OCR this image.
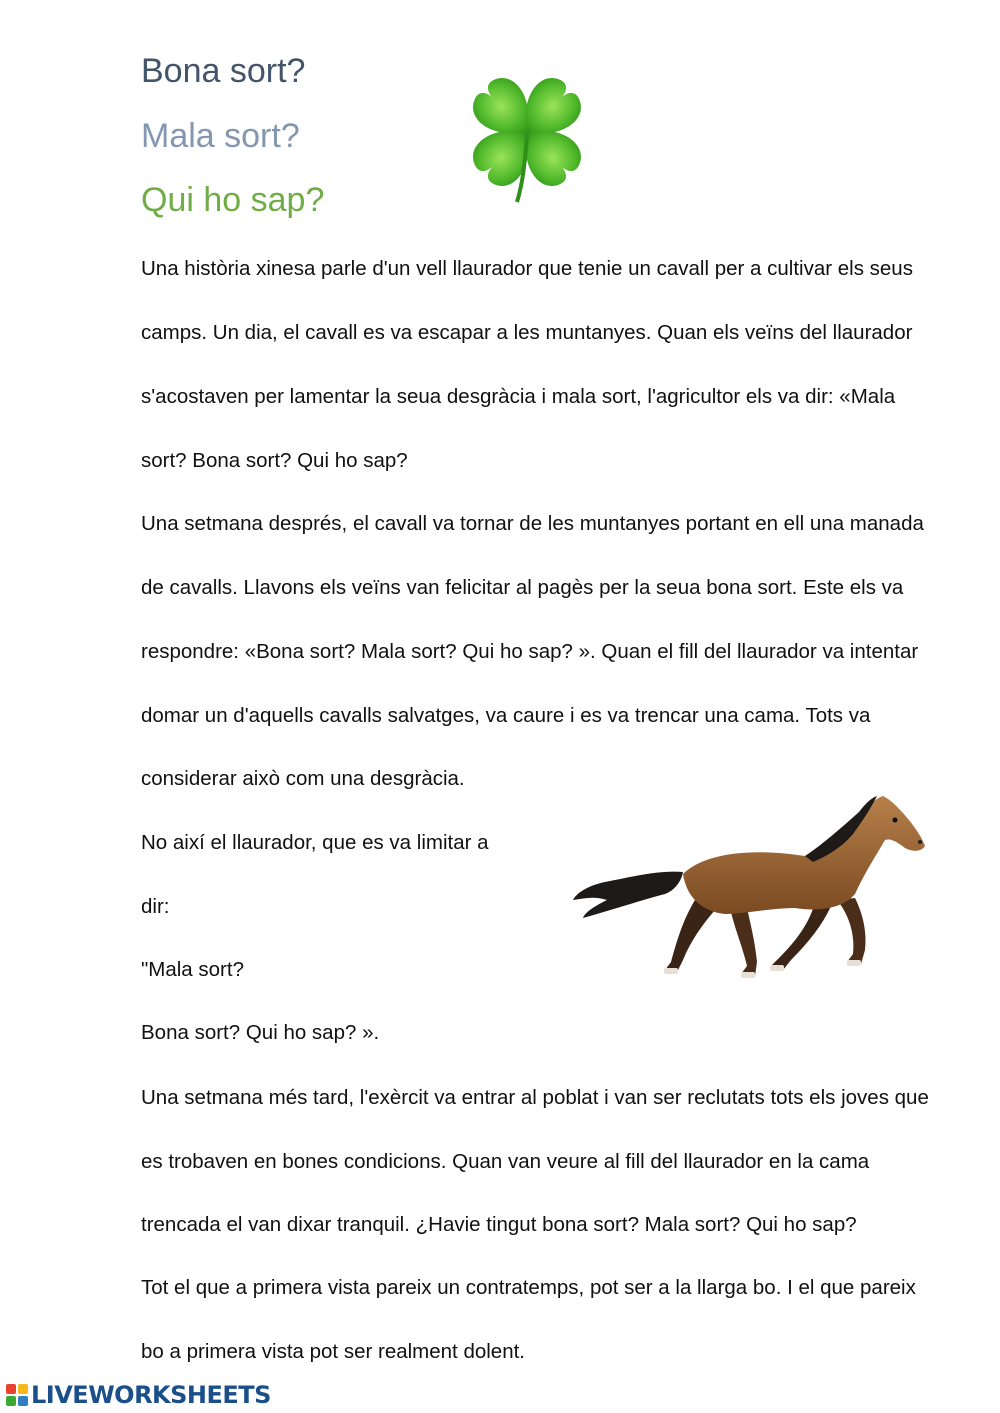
Bona sort?
Mala sort?
Qui ho sap?
Una història xinesa parle d'un vell llaurador que tenie un cavall per a cultivar els seus
camps. Un dia, el cavall es va escapar a les muntanyes. Quan els veïns del llaurador
s'acostaven per lamentar la seua desgràcia i mala sort, l'agricultor els va dir: «Mala
sort? Bona sort? Qui ho sap?
Una setmana després, el cavall va tornar de les muntanyes portant en ell una manada
de cavalls. Llavons els veïns van felicitar al pagès per la seua bona sort. Este els va
respondre: «Bona sort? Mala sort? Qui ho sap? ». Quan el fill del llaurador va intentar
domar un d'aquells cavalls salvatges, va caure i es va trencar una cama. Tots va
considerar això com una desgràcia.
No així el llaurador, que es va limitar a
dir:
"Mala sort?
Bona sort? Qui ho sap? ».
Una setmana més tard, l'exèrcit va entrar al poblat i van ser reclutats tots els joves que
es trobaven en bones condicions. Quan van veure al fill del llaurador en la cama
trencada el van dixar tranquil. ¿Havie tingut bona sort? Mala sort? Qui ho sap?
Tot el que a primera vista pareix un contratemps, pot ser a la llarga bo. I el que pareix
bo a primera vista pot ser realment dolent.
LIVEWORKSHEETS
